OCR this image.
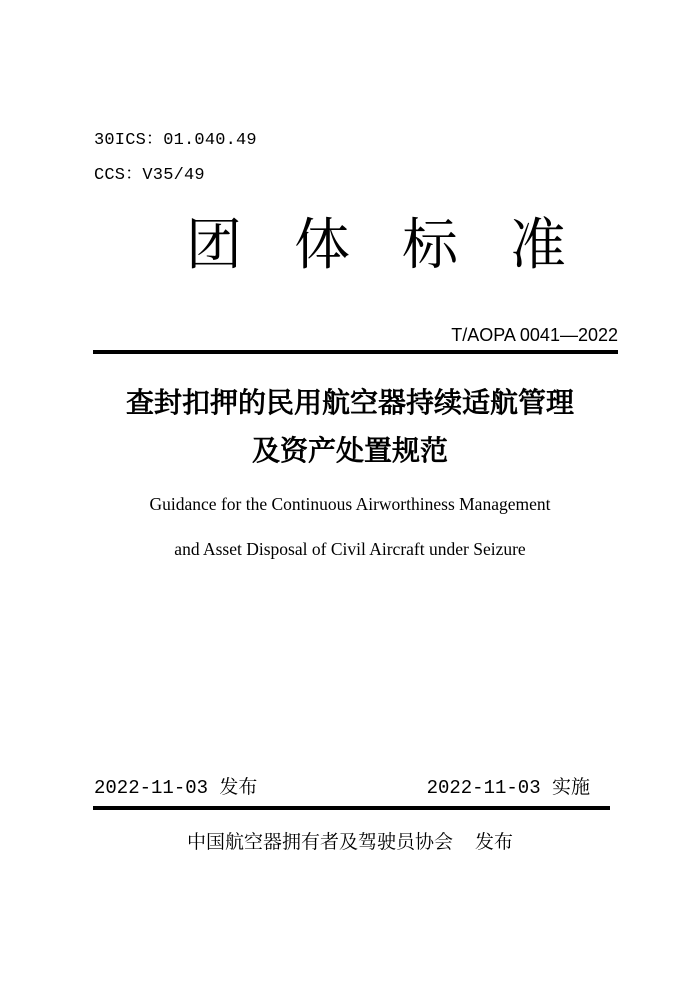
30ICS：01.040.49
CCS：V35/49
团 体 标 准
T/AOPA 0041—2022
查封扣押的民用航空器持续适航管理
及资产处置规范
Guidance for the Continuous Airworthiness Management
and Asset Disposal of Civil Aircraft under Seizure
2022-11-03 发布	2022-11-03 实施
中国航空器拥有者及驾驶员协会 发布
